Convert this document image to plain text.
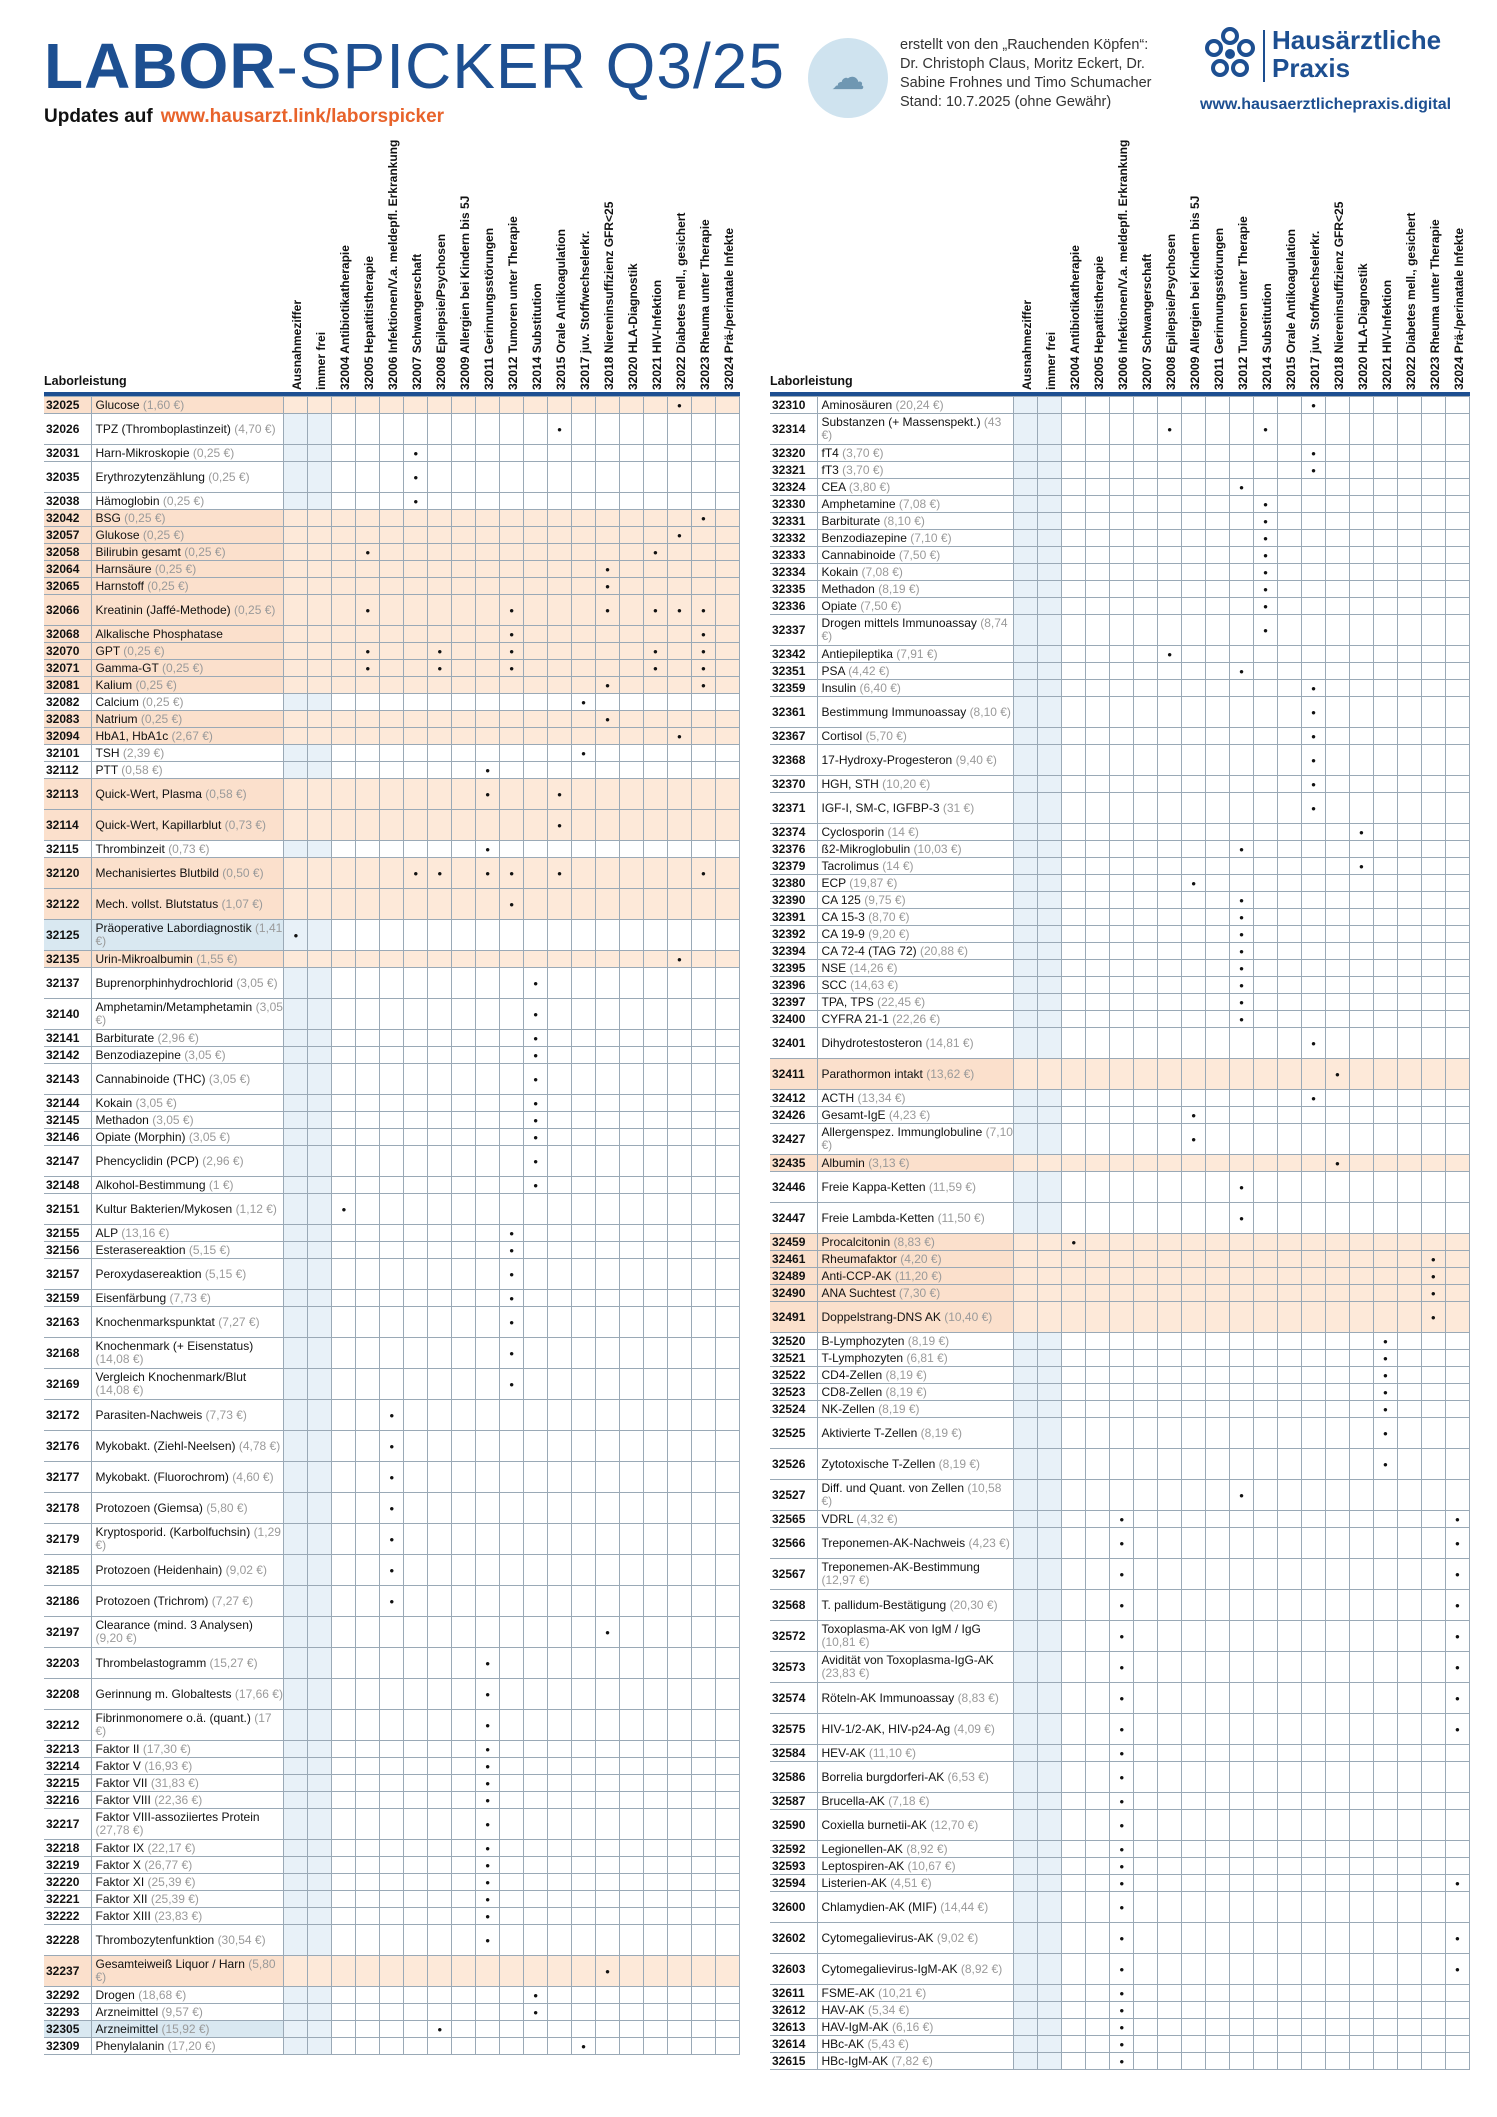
LABOR-SPICKER Q3/25
Updates auf www.hausarzt.link/laborspicker
☁
erstellt von den „Rauchenden Köpfen“:
Dr. Christoph Claus, Moritz Eckert, Dr.
Sabine Frohnes und Timo Schumacher
Stand: 10.7.2025 (ohne Gewähr)
Hausärztliche
Praxis
www.hausaerztlichepraxis.digital
Laborleistung	Ausnahmeziffer immer frei 32004 Antibiotikatherapie 32005 Hepatitistherapie 32006 Infektionen/V.a. meldepfl. Erkrankung 32007 Schwangerschaft 32008 Epilepsie/Psychosen 32009 Allergien bei Kindern bis 5J 32011 Gerinnungsstörungen 32012 Tumoren unter Therapie 32014 Substitution 32015 Orale Antikoagulation 32017 juv. Stoffwechselerkr. 32018 Niereninsuffizienz GFR<25 32020 HLA-Diagnostik 32021 HIV-Infektion 32022 Diabetes mell., gesichert 32023 Rheuma unter Therapie 32024 Prä-/perinatale Infekte
32025	Glucose (1,60 €)																	•		
32026	TPZ (Thromboplastinzeit) (4,70 €)												•							
32031	Harn-Mikroskopie (0,25 €)						•													
32035	Erythrozytenzählung (0,25 €)						•													
32038	Hämoglobin (0,25 €)						•													
32042	BSG (0,25 €)																		•	
32057	Glukose (0,25 €)																	•		
32058	Bilirubin gesamt (0,25 €)				•												•			
32064	Harnsäure (0,25 €)														•					
32065	Harnstoff (0,25 €)														•					
32066	Kreatinin (Jaffé-Methode) (0,25 €)				•						•				•		•	•	•	
32068	Alkalische Phosphatase										•								•	
32070	GPT (0,25 €)				•			•			•						•		•	
32071	Gamma-GT (0,25 €)				•			•			•						•		•	
32081	Kalium (0,25 €)														•				•	
32082	Calcium (0,25 €)													•						
32083	Natrium (0,25 €)														•					
32094	HbA1, HbA1c (2,67 €)																	•		
32101	TSH (2,39 €)													•						
32112	PTT (0,58 €)									•										
32113	Quick-Wert, Plasma (0,58 €)									•			•							
32114	Quick-Wert, Kapillarblut (0,73 €)												•							
32115	Thrombinzeit (0,73 €)									•										
32120	Mechanisiertes Blutbild (0,50 €)						•	•		•	•		•						•	
32122	Mech. vollst. Blutstatus (1,07 €)										•									
32125	Präoperative Labordiagnostik (1,41 €)	•																		
32135	Urin-Mikroalbumin (1,55 €)																	•		
32137	Buprenorphinhydrochlorid (3,05 €)											•								
32140	Amphetamin/Metamphetamin (3,05 €)											•								
32141	Barbiturate (2,96 €)											•								
32142	Benzodiazepine (3,05 €)											•								
32143	Cannabinoide (THC) (3,05 €)											•								
32144	Kokain (3,05 €)											•								
32145	Methadon (3,05 €)											•								
32146	Opiate (Morphin) (3,05 €)											•								
32147	Phencyclidin (PCP) (2,96 €)											•								
32148	Alkohol-Bestimmung (1 €)											•								
32151	Kultur Bakterien/Mykosen (1,12 €)			•																
32155	ALP (13,16 €)										•									
32156	Esterasereaktion (5,15 €)										•									
32157	Peroxydasereaktion (5,15 €)										•									
32159	Eisenfärbung (7,73 €)										•									
32163	Knochenmarkspunktat (7,27 €)										•									
32168	Knochenmark (+ Eisenstatus) (14,08 €)										•									
32169	Vergleich Knochenmark/Blut (14,08 €)										•									
32172	Parasiten-Nachweis (7,73 €)					•														
32176	Mykobakt. (Ziehl-Neelsen) (4,78 €)					•														
32177	Mykobakt. (Fluorochrom) (4,60 €)					•														
32178	Protozoen (Giemsa) (5,80 €)					•														
32179	Kryptosporid. (Karbolfuchsin) (1,29 €)					•														
32185	Protozoen (Heidenhain) (9,02 €)					•														
32186	Protozoen (Trichrom) (7,27 €)					•														
32197	Clearance (mind. 3 Analysen) (9,20 €)														•					
32203	Thrombelastogramm (15,27 €)									•										
32208	Gerinnung m. Globaltests (17,66 €)									•										
32212	Fibrinmonomere o.ä. (quant.) (17 €)									•										
32213	Faktor II (17,30 €)									•										
32214	Faktor V (16,93 €)									•										
32215	Faktor VII (31,83 €)									•										
32216	Faktor VIII (22,36 €)									•										
32217	Faktor VIII-assoziiertes Protein (27,78 €)									•										
32218	Faktor IX (22,17 €)									•										
32219	Faktor X (26,77 €)									•										
32220	Faktor XI (25,39 €)									•										
32221	Faktor XII (25,39 €)									•										
32222	Faktor XIII (23,83 €)									•										
32228	Thrombozytenfunktion (30,54 €)									•										
32237	Gesamteiweiß Liquor / Harn (5,80 €)														•					
32292	Drogen (18,68 €)											•								
32293	Arzneimittel (9,57 €)											•								
32305	Arzneimittel (15,92 €)							•												
32309	Phenylalanin (17,20 €)													•						
Laborleistung	Ausnahmeziffer immer frei 32004 Antibiotikatherapie 32005 Hepatitistherapie 32006 Infektionen/V.a. meldepfl. Erkrankung 32007 Schwangerschaft 32008 Epilepsie/Psychosen 32009 Allergien bei Kindern bis 5J 32011 Gerinnungsstörungen 32012 Tumoren unter Therapie 32014 Substitution 32015 Orale Antikoagulation 32017 juv. Stoffwechselerkr. 32018 Niereninsuffizienz GFR<25 32020 HLA-Diagnostik 32021 HIV-Infektion 32022 Diabetes mell., gesichert 32023 Rheuma unter Therapie 32024 Prä-/perinatale Infekte
32310	Aminosäuren (20,24 €)													•						
32314	Substanzen (+ Massenspekt.) (43 €)							•				•								
32320	fT4 (3,70 €)													•						
32321	fT3 (3,70 €)													•						
32324	CEA (3,80 €)										•									
32330	Amphetamine (7,08 €)											•								
32331	Barbiturate (8,10 €)											•								
32332	Benzodiazepine (7,10 €)											•								
32333	Cannabinoide (7,50 €)											•								
32334	Kokain (7,08 €)											•								
32335	Methadon (8,19 €)											•								
32336	Opiate (7,50 €)											•								
32337	Drogen mittels Immunoassay (8,74 €)											•								
32342	Antiepileptika (7,91 €)							•												
32351	PSA (4,42 €)										•									
32359	Insulin (6,40 €)													•						
32361	Bestimmung Immunoassay (8,10 €)													•						
32367	Cortisol (5,70 €)													•						
32368	17-Hydroxy-Progesteron (9,40 €)													•						
32370	HGH, STH (10,20 €)													•						
32371	IGF-I, SM-C, IGFBP-3 (31 €)													•						
32374	Cyclosporin (14 €)															•				
32376	ß2-Mikroglobulin (10,03 €)										•									
32379	Tacrolimus (14 €)															•				
32380	ECP (19,87 €)								•											
32390	CA 125 (9,75 €)										•									
32391	CA 15-3 (8,70 €)										•									
32392	CA 19-9 (9,20 €)										•									
32394	CA 72-4 (TAG 72) (20,88 €)										•									
32395	NSE (14,26 €)										•									
32396	SCC (14,63 €)										•									
32397	TPA, TPS (22,45 €)										•									
32400	CYFRA 21-1 (22,26 €)										•									
32401	Dihydrotestosteron (14,81 €)													•						
32411	Parathormon intakt (13,62 €)														•					
32412	ACTH (13,34 €)													•						
32426	Gesamt-IgE (4,23 €)								•											
32427	Allergenspez. Immunglobuline (7,10 €)								•											
32435	Albumin (3,13 €)														•					
32446	Freie Kappa-Ketten (11,59 €)										•									
32447	Freie Lambda-Ketten (11,50 €)										•									
32459	Procalcitonin (8,83 €)			•																
32461	Rheumafaktor (4,20 €)																		•	
32489	Anti-CCP-AK (11,20 €)																		•	
32490	ANA Suchtest (7,30 €)																		•	
32491	Doppelstrang-DNS AK (10,40 €)																		•	
32520	B-Lymphozyten (8,19 €)																•			
32521	T-Lymphozyten (6,81 €)																•			
32522	CD4-Zellen (8,19 €)																•			
32523	CD8-Zellen (8,19 €)																•			
32524	NK-Zellen (8,19 €)																•			
32525	Aktivierte T-Zellen (8,19 €)																•			
32526	Zytotoxische T-Zellen (8,19 €)																•			
32527	Diff. und Quant. von Zellen (10,58 €)										•									
32565	VDRL (4,32 €)					•														•
32566	Treponemen-AK-Nachweis (4,23 €)					•														•
32567	Treponemen-AK-Bestimmung (12,97 €)					•														•
32568	T. pallidum-Bestätigung (20,30 €)					•														•
32572	Toxoplasma-AK von IgM / IgG (10,81 €)					•														•
32573	Avidität von Toxoplasma-IgG-AK (23,83 €)					•														•
32574	Röteln-AK Immunoassay (8,83 €)					•														•
32575	HIV-1/2-AK, HIV-p24-Ag (4,09 €)					•														•
32584	HEV-AK (11,10 €)					•														
32586	Borrelia burgdorferi-AK (6,53 €)					•														
32587	Brucella-AK (7,18 €)					•														
32590	Coxiella burnetii-AK (12,70 €)					•														
32592	Legionellen-AK (8,92 €)					•														
32593	Leptospiren-AK (10,67 €)					•														
32594	Listerien-AK (4,51 €)					•														•
32600	Chlamydien-AK (MIF) (14,44 €)					•														
32602	Cytomegalievirus-AK (9,02 €)					•														•
32603	Cytomegalievirus-IgM-AK (8,92 €)					•														•
32611	FSME-AK (10,21 €)					•														
32612	HAV-AK (5,34 €)					•														
32613	HAV-IgM-AK (6,16 €)					•														
32614	HBc-AK (5,43 €)					•														
32615	HBc-IgM-AK (7,82 €)					•														
